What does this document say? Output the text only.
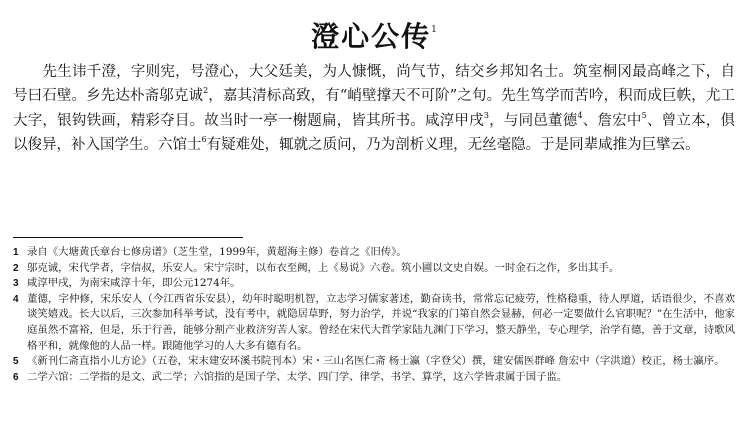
澄心公传$^1$
　　先生讳千澄，字则宪，号澄心，大父廷美，为人慷慨，尚气节，结交乡邦知名士。筑室桐冈最高峰之下，自号曰石壁。乡先达朴斋邬克诚$^2$，嘉其清标高致，有“峭壁撑天不可阶”之句。先生笃学而苦吟，积而成巨帙，尤工大字，银钩铁画，精彩夺目。故当时一亭一榭题扁，皆其所书。咸淳甲戌$^3$，与同邑董德$^4$、詹宏中$^5$、曾立本，俱以俊异，补入国学生。六馆士$^6$有疑难处，辄就之质问，乃为剖析义理，无丝毫隐。于是同辈咸推为巨擘云。
1 录自《大塘黄氏章台七修房谱》（芝生堂，1999年，黄超海主修）卷首之《旧传》。
2 邬克诚，宋代学者，字信叔，乐安人。宋宁宗时，以布衣至阙，上《易说》六卷。筑小圃以文史自娱。一时金石之作，多出其手。
3 咸淳甲戌，为南宋咸淳十年，即公元1274年。
4 董德，字仲修，宋乐安人（今江西省乐安县），幼年时聪明机智，立志学习儒家著述，勤奋读书，常常忘记疲劳，性格稳重，待人厚道，话语很少，不喜欢谈笑嬉戏。长大以后，三次参加科举考试，没有考中，就隐居草野，努力治学，并说“我家的门第自然会显赫，何必一定要做什么官职呢？”在生活中，他家庭虽然不富裕，但是，乐于行善，能够分割产业救济穷苦人家。曾经在宋代大哲学家陆九渊门下学习，整天静坐，专心理学，治学有德，善于文章，诗歌风格平和，就像他的人品一样。跟随他学习的人大多有德有名。
5 《新刊仁斋直指小儿方论》（五卷，宋末建安环溪书院刊本）宋・三山名医仁斋 杨士瀛（字登父）撰，建安儒医群峰 詹宏中（字洪道）校正，杨士瀛序。
6 二学六馆：二学指的是文、武二学；六馆指的是国子学、太学、四门学、律学、书学、算学，这六学皆隶属于国子监。
